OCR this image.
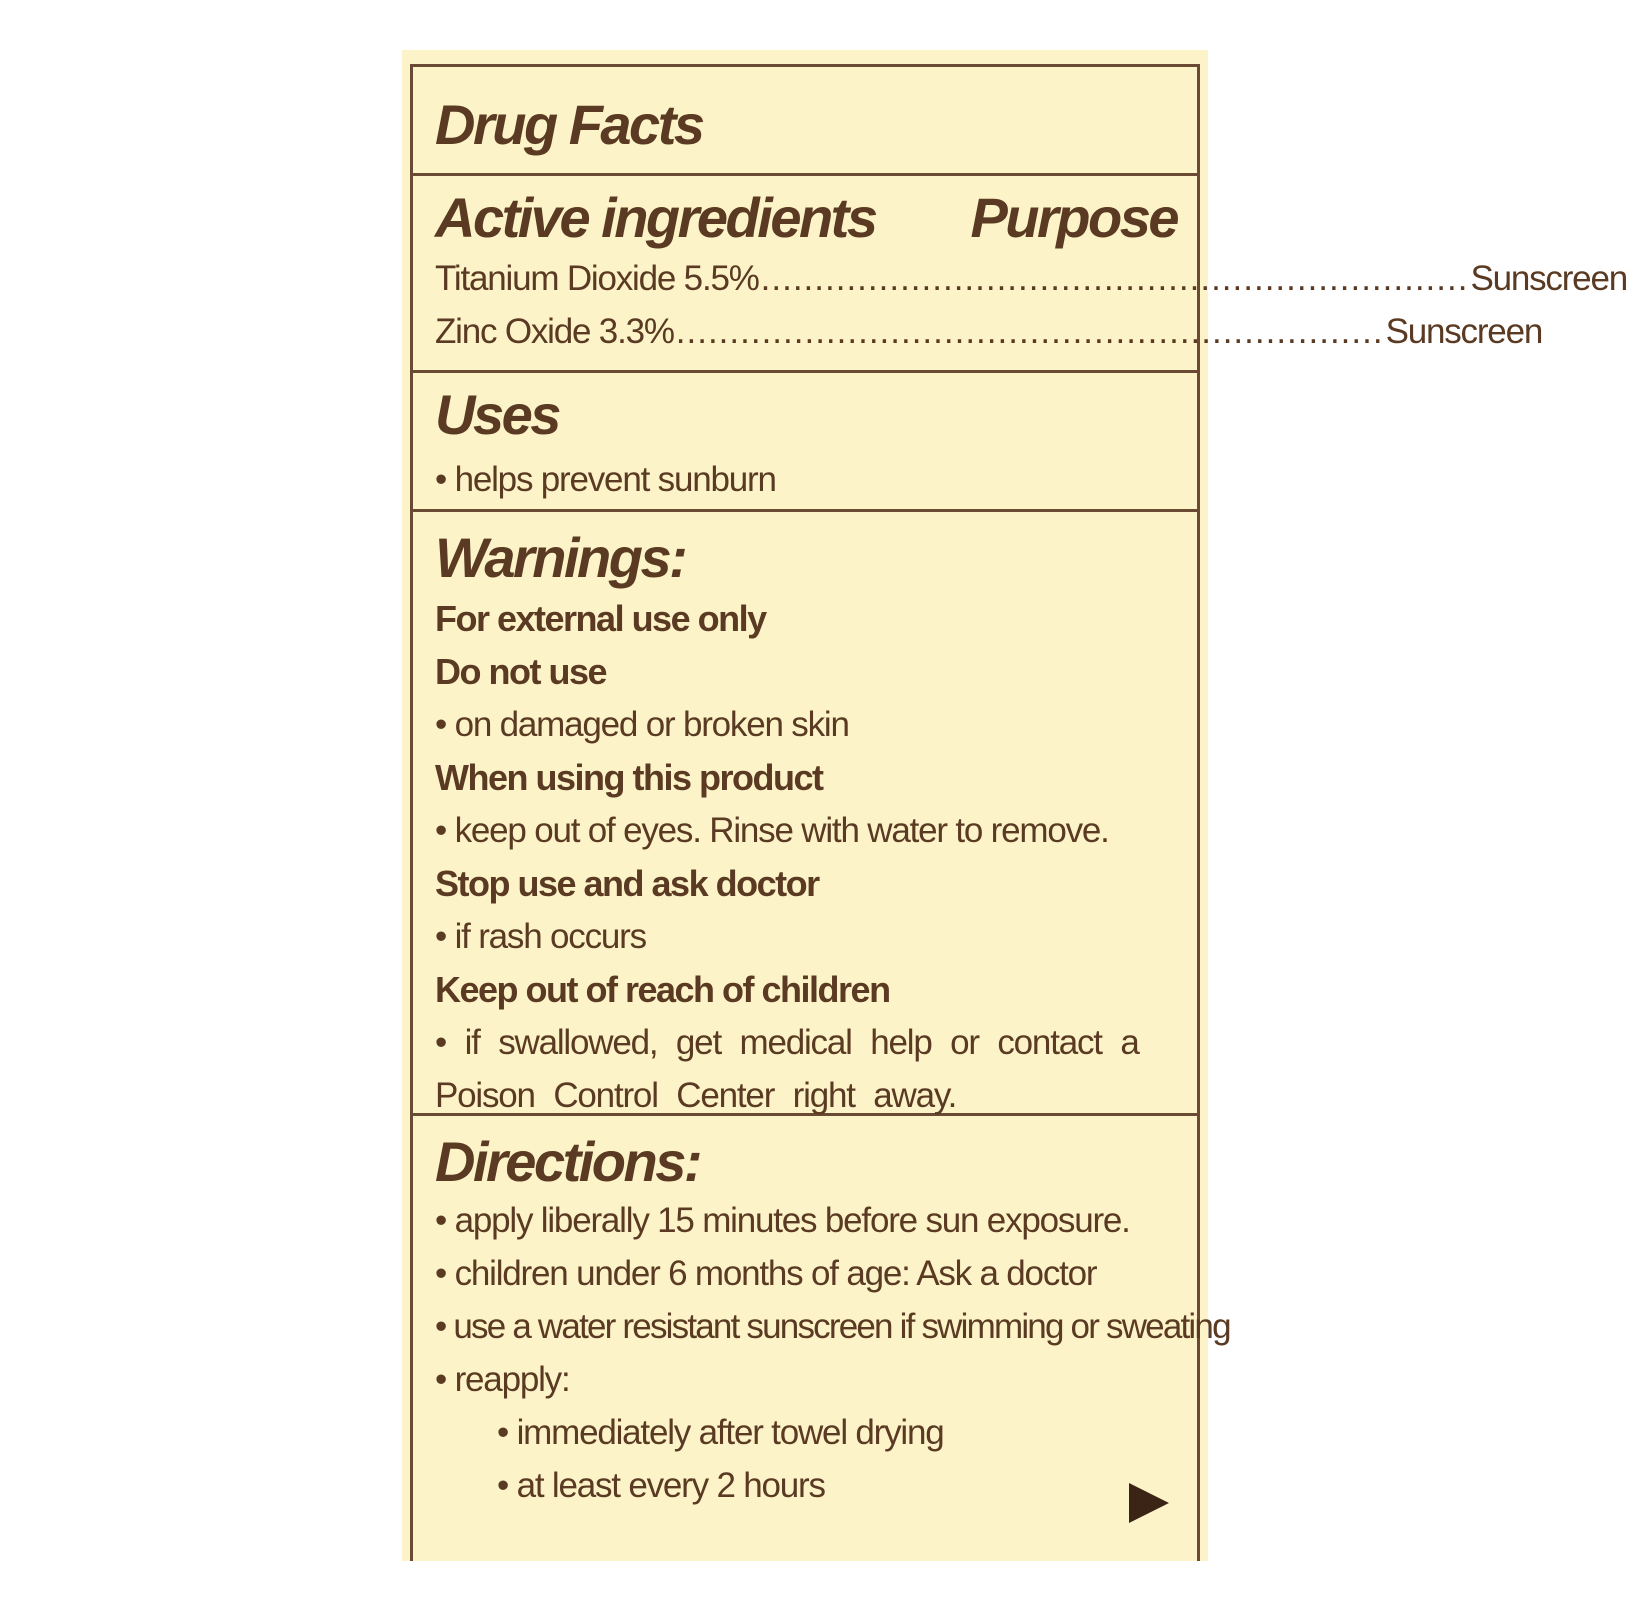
Drug Facts
Active ingredients Purpose
Titanium Dioxide 5.5% .................................................................. Sunscreen
Zinc Oxide 3.3% .................................................................. Sunscreen
Uses
• helps prevent sunburn
Warnings:
For external use only
Do not use
• on damaged or broken skin
When using this product
• keep out of eyes. Rinse with water to remove.
Stop use and ask doctor
• if rash occurs
Keep out of reach of children
• if swallowed, get medical help or contact a Poison Control Center right away.
Directions:
• apply liberally 15 minutes before sun exposure.
• children under 6 months of age: Ask a doctor
• use a water resistant sunscreen if swimming or sweating
• reapply:
• immediately after towel drying
• at least every 2 hours
